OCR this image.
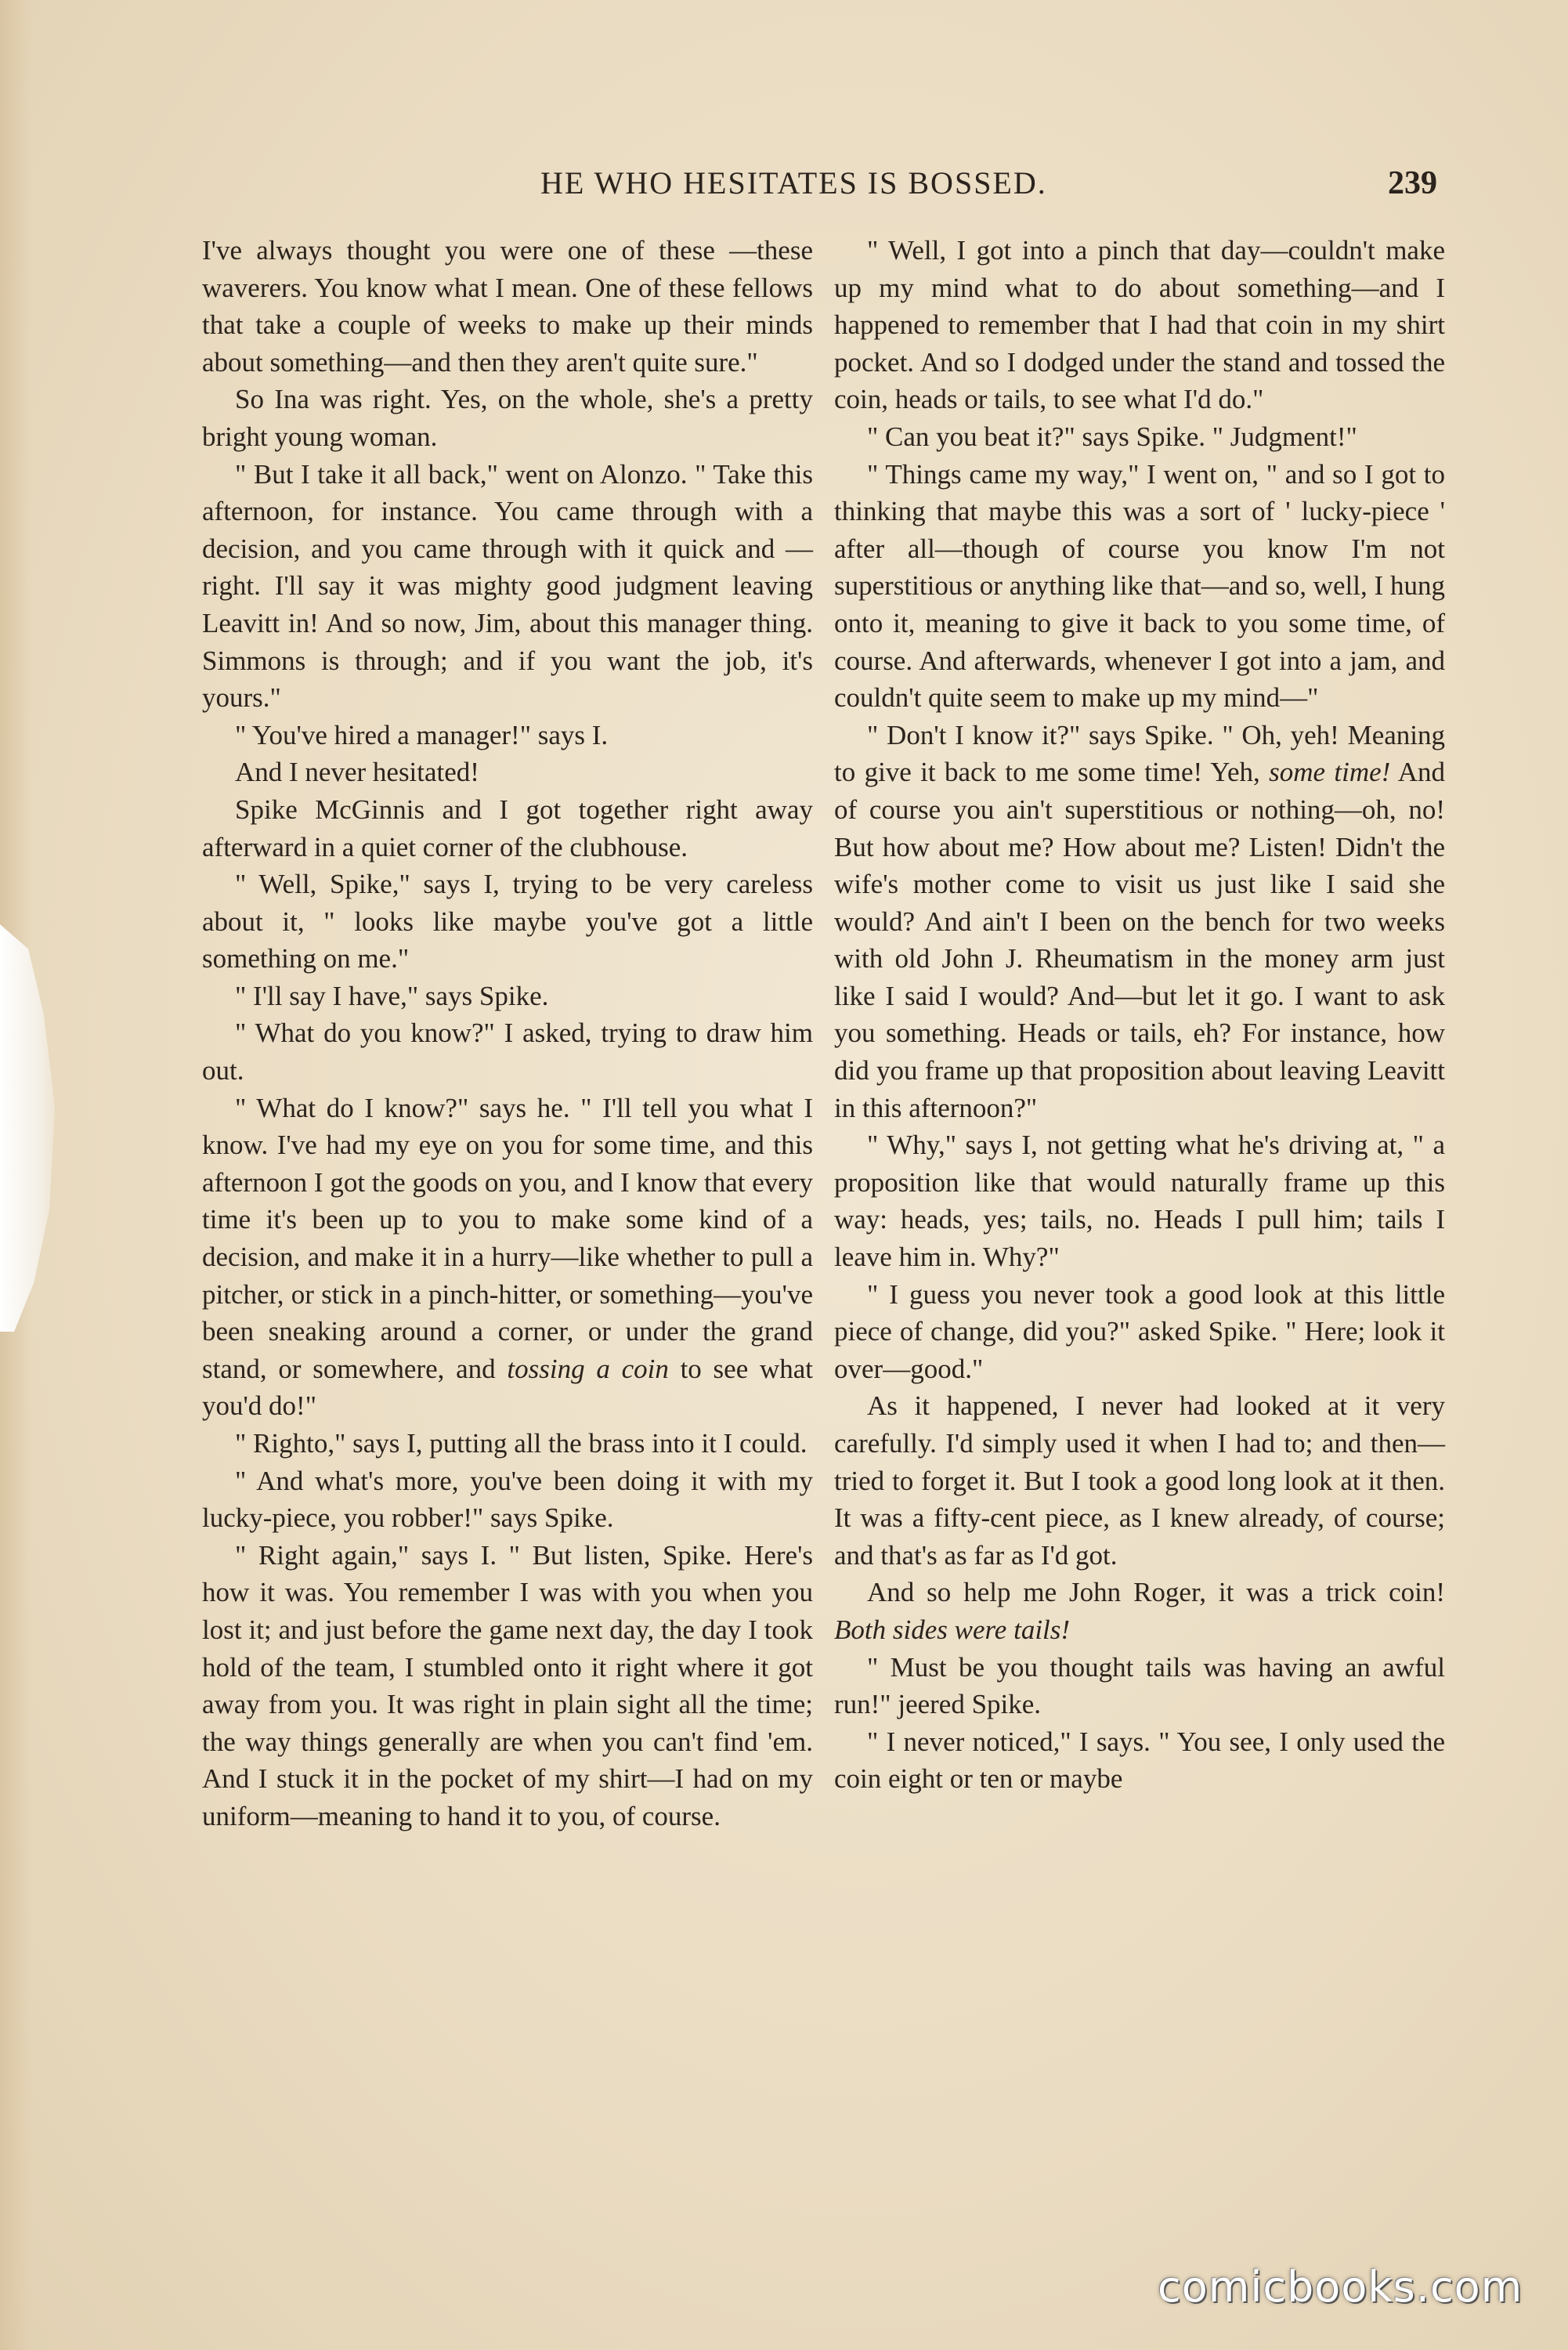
HE WHO HESITATES IS BOSSED.	239

I've always thought you were one of these —these waverers. You know what I mean. One of these fellows that take a couple of weeks to make up their minds about something—and then they aren't quite sure."

So Ina was right. Yes, on the whole, she's a pretty bright young woman.

" But I take it all back," went on Alonzo. " Take this afternoon, for instance. You came through with a decision, and you came through with it quick and — right. I'll say it was mighty good judgment leaving Leavitt in! And so now, Jim, about this manager thing. Simmons is through; and if you want the job, it's yours."

" You've hired a manager!" says I.

And I never hesitated!

Spike McGinnis and I got together right away afterward in a quiet corner of the clubhouse.

" Well, Spike," says I, trying to be very careless about it, " looks like maybe you've got a little something on me."

" I'll say I have," says Spike.

" What do you know?" I asked, trying to draw him out.

" What do I know?" says he. " I'll tell you what I know. I've had my eye on you for some time, and this afternoon I got the goods on you, and I know that every time it's been up to you to make some kind of a decision, and make it in a hurry—like whether to pull a pitcher, or stick in a pinch-hitter, or something—you've been sneaking around a corner, or under the grand stand, or somewhere, and tossing a coin to see what you'd do!"

" Righto," says I, putting all the brass into it I could.

" And what's more, you've been doing it with my lucky-piece, you robber!" says Spike.

" Right again," says I. " But listen, Spike. Here's how it was. You remember I was with you when you lost it; and just before the game next day, the day I took hold of the team, I stumbled onto it right where it got away from you. It was right in plain sight all the time; the way things generally are when you can't find 'em. And I stuck it in the pocket of my shirt—I had on my uniform—meaning to hand it to you, of course.

" Well, I got into a pinch that day—couldn't make up my mind what to do about something—and I happened to remember that I had that coin in my shirt pocket. And so I dodged under the stand and tossed the coin, heads or tails, to see what I'd do."

" Can you beat it?" says Spike. " Judgment!"

" Things came my way," I went on, " and so I got to thinking that maybe this was a sort of ' lucky-piece ' after all—though of course you know I'm not superstitious or anything like that—and so, well, I hung onto it, meaning to give it back to you some time, of course. And afterwards, whenever I got into a jam, and couldn't quite seem to make up my mind—"

" Don't I know it?" says Spike. " Oh, yeh! Meaning to give it back to me some time! Yeh, some time! And of course you ain't superstitious or nothing—oh, no! But how about me? How about me? Listen! Didn't the wife's mother come to visit us just like I said she would? And ain't I been on the bench for two weeks with old John J. Rheumatism in the money arm just like I said I would? And—but let it go. I want to ask you something. Heads or tails, eh? For instance, how did you frame up that proposition about leaving Leavitt in this afternoon?"

" Why," says I, not getting what he's driving at, " a proposition like that would naturally frame up this way: heads, yes; tails, no. Heads I pull him; tails I leave him in. Why?"

" I guess you never took a good look at this little piece of change, did you?" asked Spike. " Here; look it over—good."

As it happened, I never had looked at it very carefully. I'd simply used it when I had to; and then—tried to forget it. But I took a good long look at it then. It was a fifty-cent piece, as I knew already, of course; and that's as far as I'd got.

And so help me John Roger, it was a trick coin! Both sides were tails!

" Must be you thought tails was having an awful run!" jeered Spike.

" I never noticed," I says. " You see, I only used the coin eight or ten or maybe

comicbooks.com
